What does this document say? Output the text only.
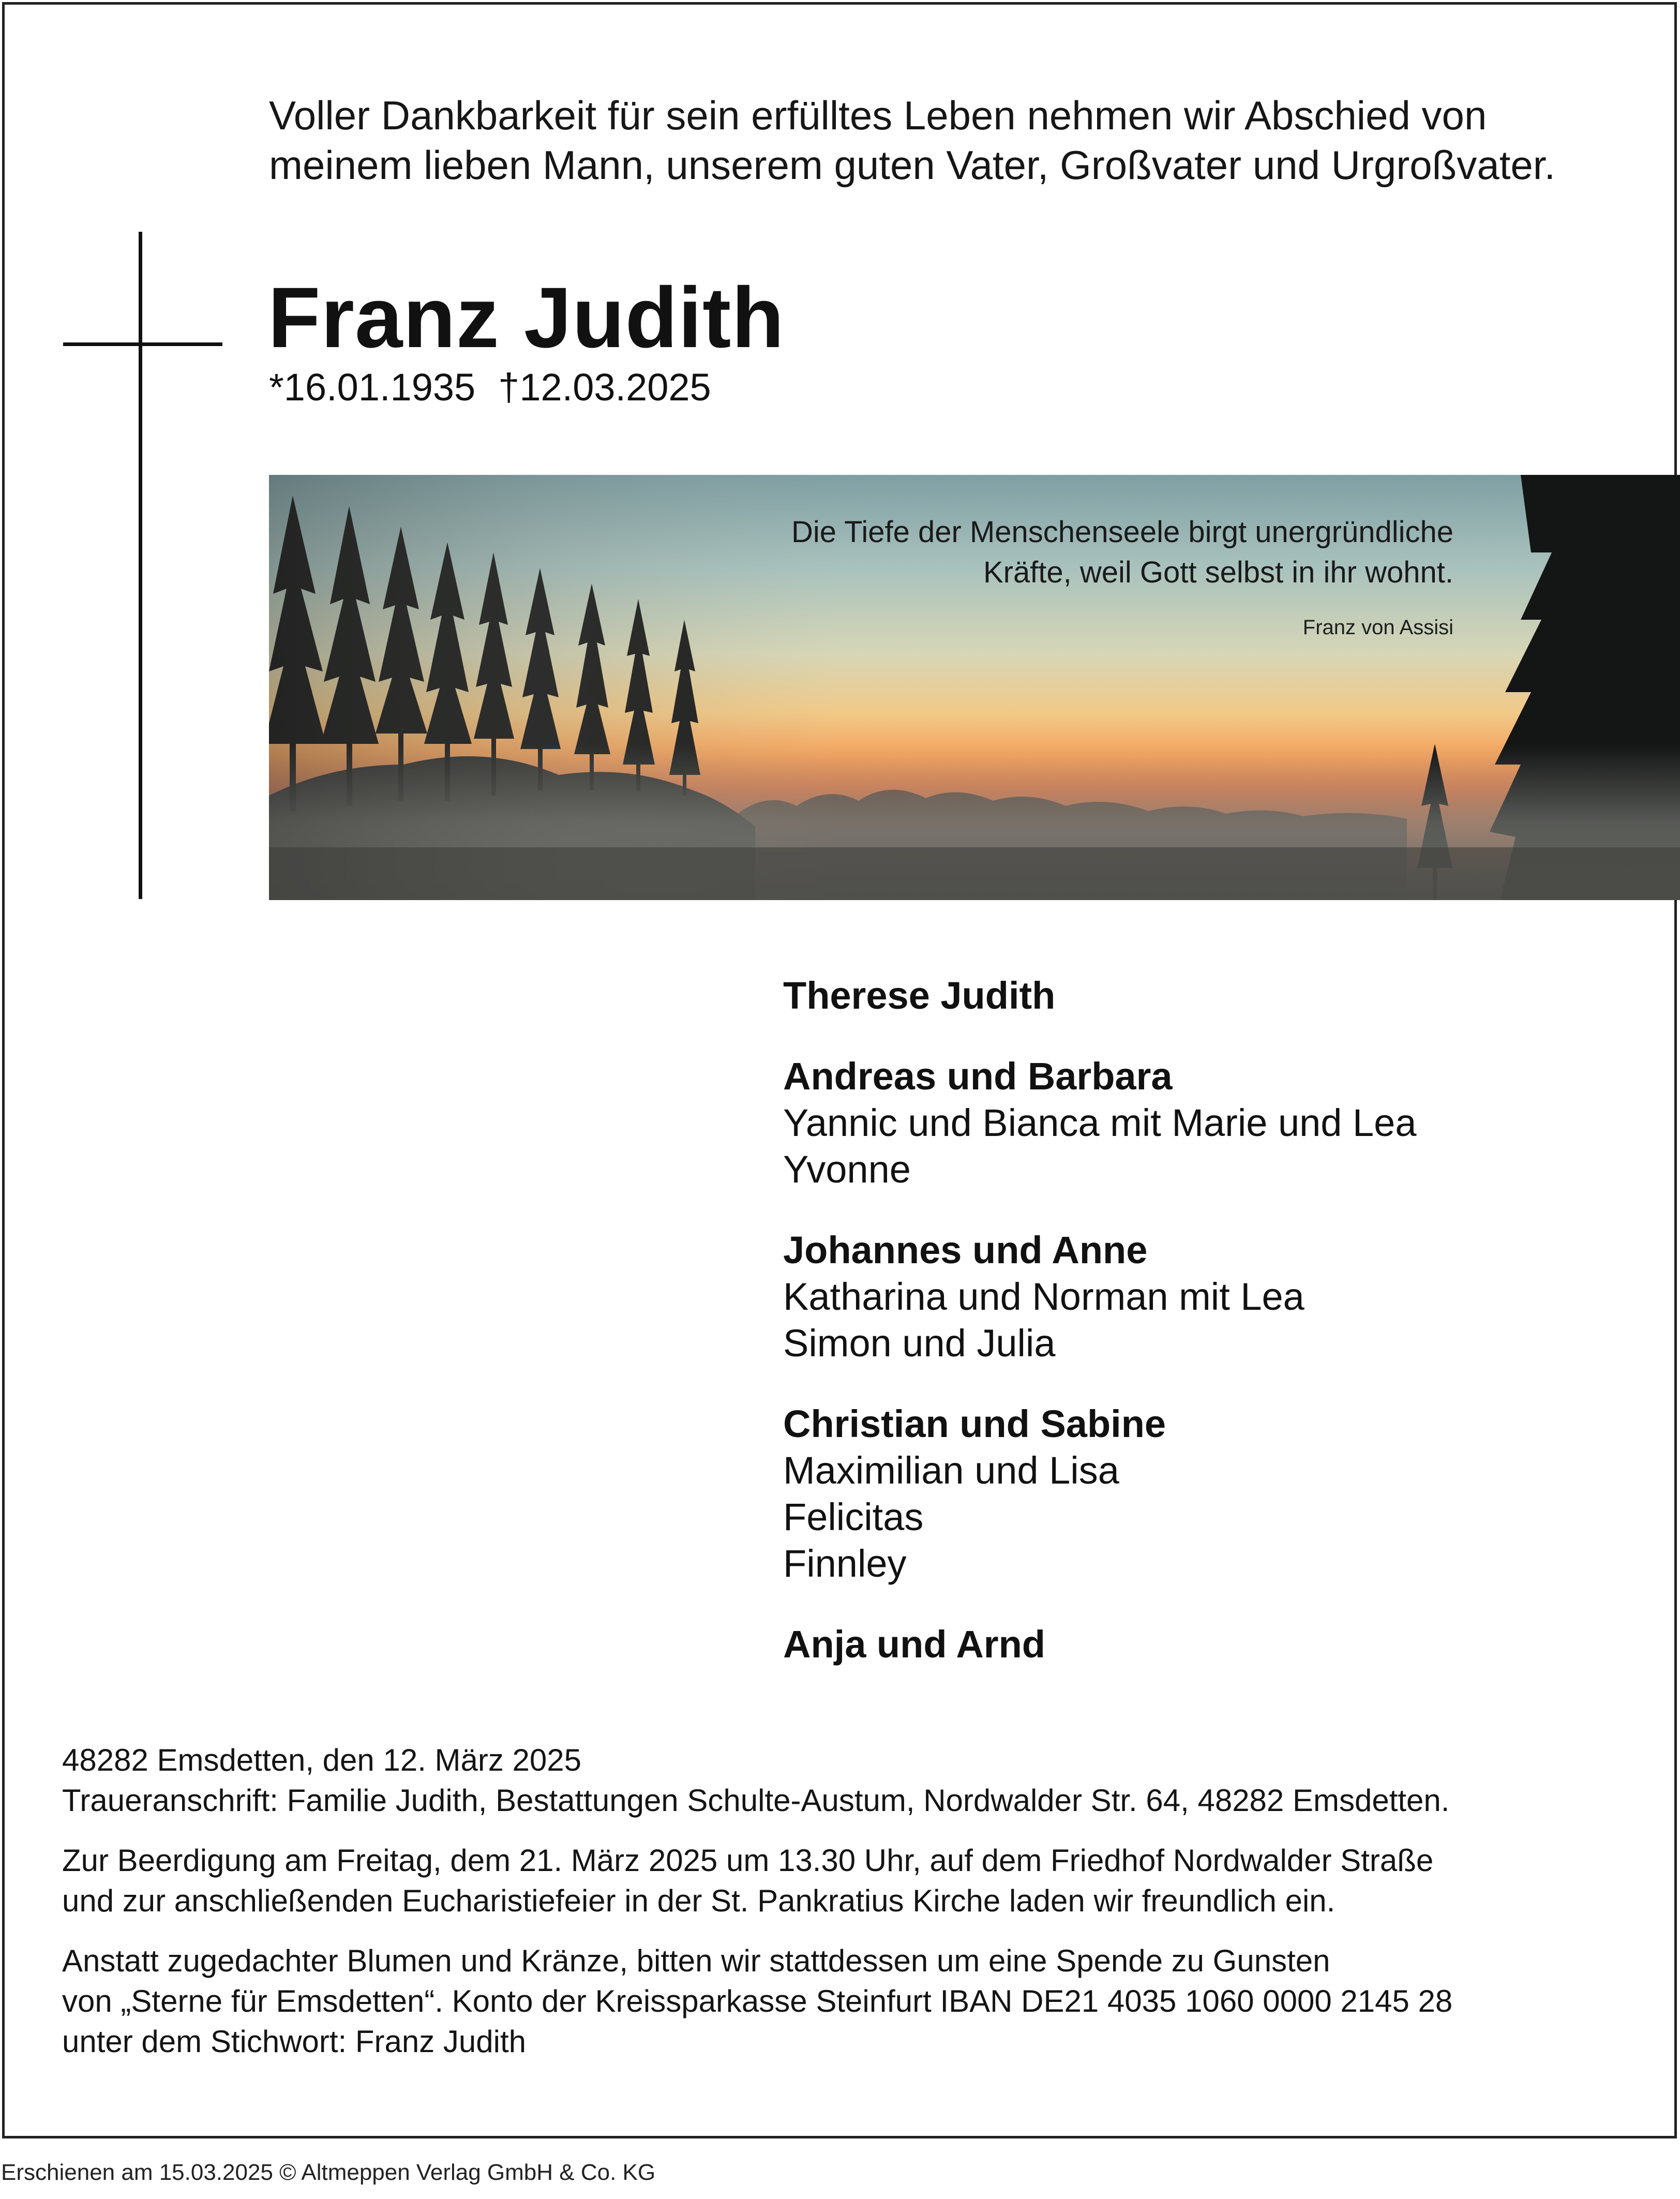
Voller Dankbarkeit für sein erfülltes Leben nehmen wir Abschied von
meinem lieben Mann, unserem guten Vater, Großvater und Urgroßvater.
Franz Judith
*16.01.1935 †12.03.2025
Die Tiefe der Menschenseele birgt unergründliche
Kräfte, weil Gott selbst in ihr wohnt.
Franz von Assisi
Therese Judith
Andreas und Barbara
Yannic und Bianca mit Marie und Lea
Yvonne
Johannes und Anne
Katharina und Norman mit Lea
Simon und Julia
Christian und Sabine
Maximilian und Lisa
Felicitas
Finnley
Anja und Arnd
48282 Emsdetten, den 12. März 2025
Traueranschrift: Familie Judith, Bestattungen Schulte-Austum, Nordwalder Str. 64, 48282 Emsdetten.
Zur Beerdigung am Freitag, dem 21. März 2025 um 13.30 Uhr, auf dem Friedhof Nordwalder Straße
und zur anschließenden Eucharistiefeier in der St. Pankratius Kirche laden wir freundlich ein.
Anstatt zugedachter Blumen und Kränze, bitten wir stattdessen um eine Spende zu Gunsten
von „Sterne für Emsdetten“. Konto der Kreissparkasse Steinfurt IBAN DE21 4035 1060 0000 2145 28
unter dem Stichwort: Franz Judith
Erschienen am 15.03.2025 © Altmeppen Verlag GmbH & Co. KG
